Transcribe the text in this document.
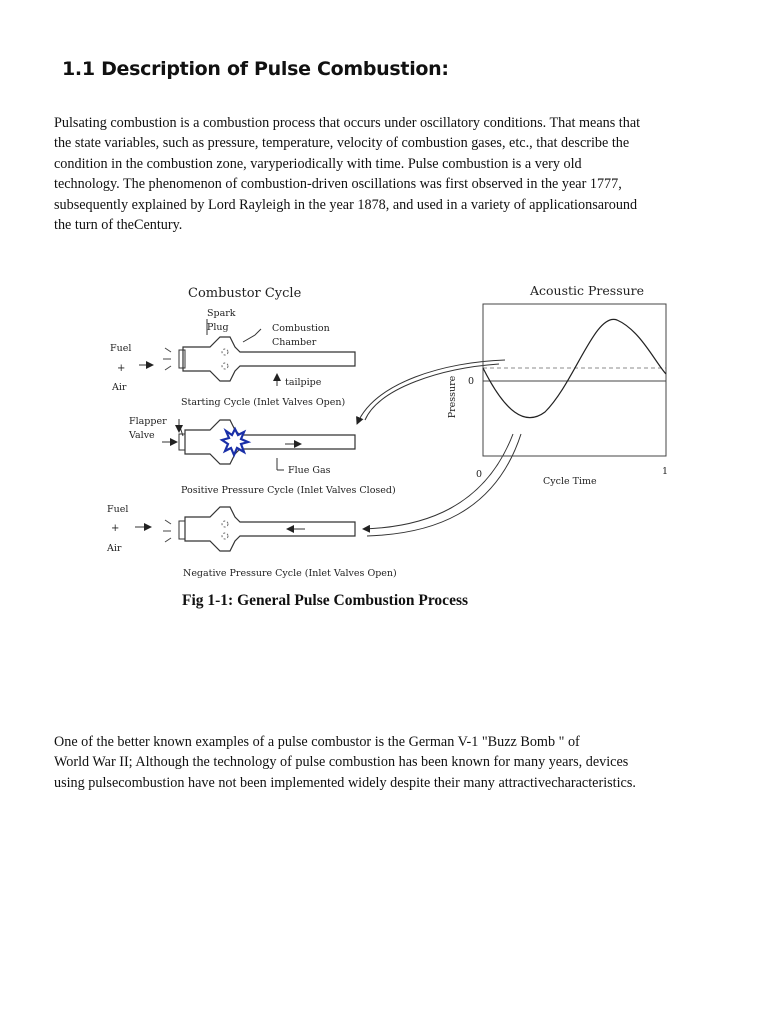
1.1 Description of Pulse Combustion:
Pulsating combustion is a combustion process that occurs under oscillatory conditions. That means that
the state variables, such as pressure, temperature, velocity of combustion gases, etc., that describe the
condition in the combustion zone, varyperiodically with time. Pulse combustion is a very old
technology. The phenomenon of combustion-driven oscillations was first observed in the year 1777,
subsequently explained by Lord Rayleigh in the year 1878, and used in a variety of applicationsaround
the turn of theCentury.
Combustor Cycle	Acoustic Pressure
Spark
Plug	Combustion
Chamber
Fuel
+
Air	tailpipe
Starting Cycle (Inlet Valves Open)
Flapper
Valve
Flue Gas
Positive Pressure Cycle (Inlet Valves Closed)
Fuel
+
Air
Negative Pressure Cycle (Inlet Valves Open)
0
Pressure
0
Cycle Time
1
Fig 1-1: General Pulse Combustion Process
One of the better known examples of a pulse combustor is the German V-1 "Buzz Bomb " of
World War II; Although the technology of pulse combustion has been known for many years, devices
using pulsecombustion have not been implemented widely despite their many attractivecharacteristics.
